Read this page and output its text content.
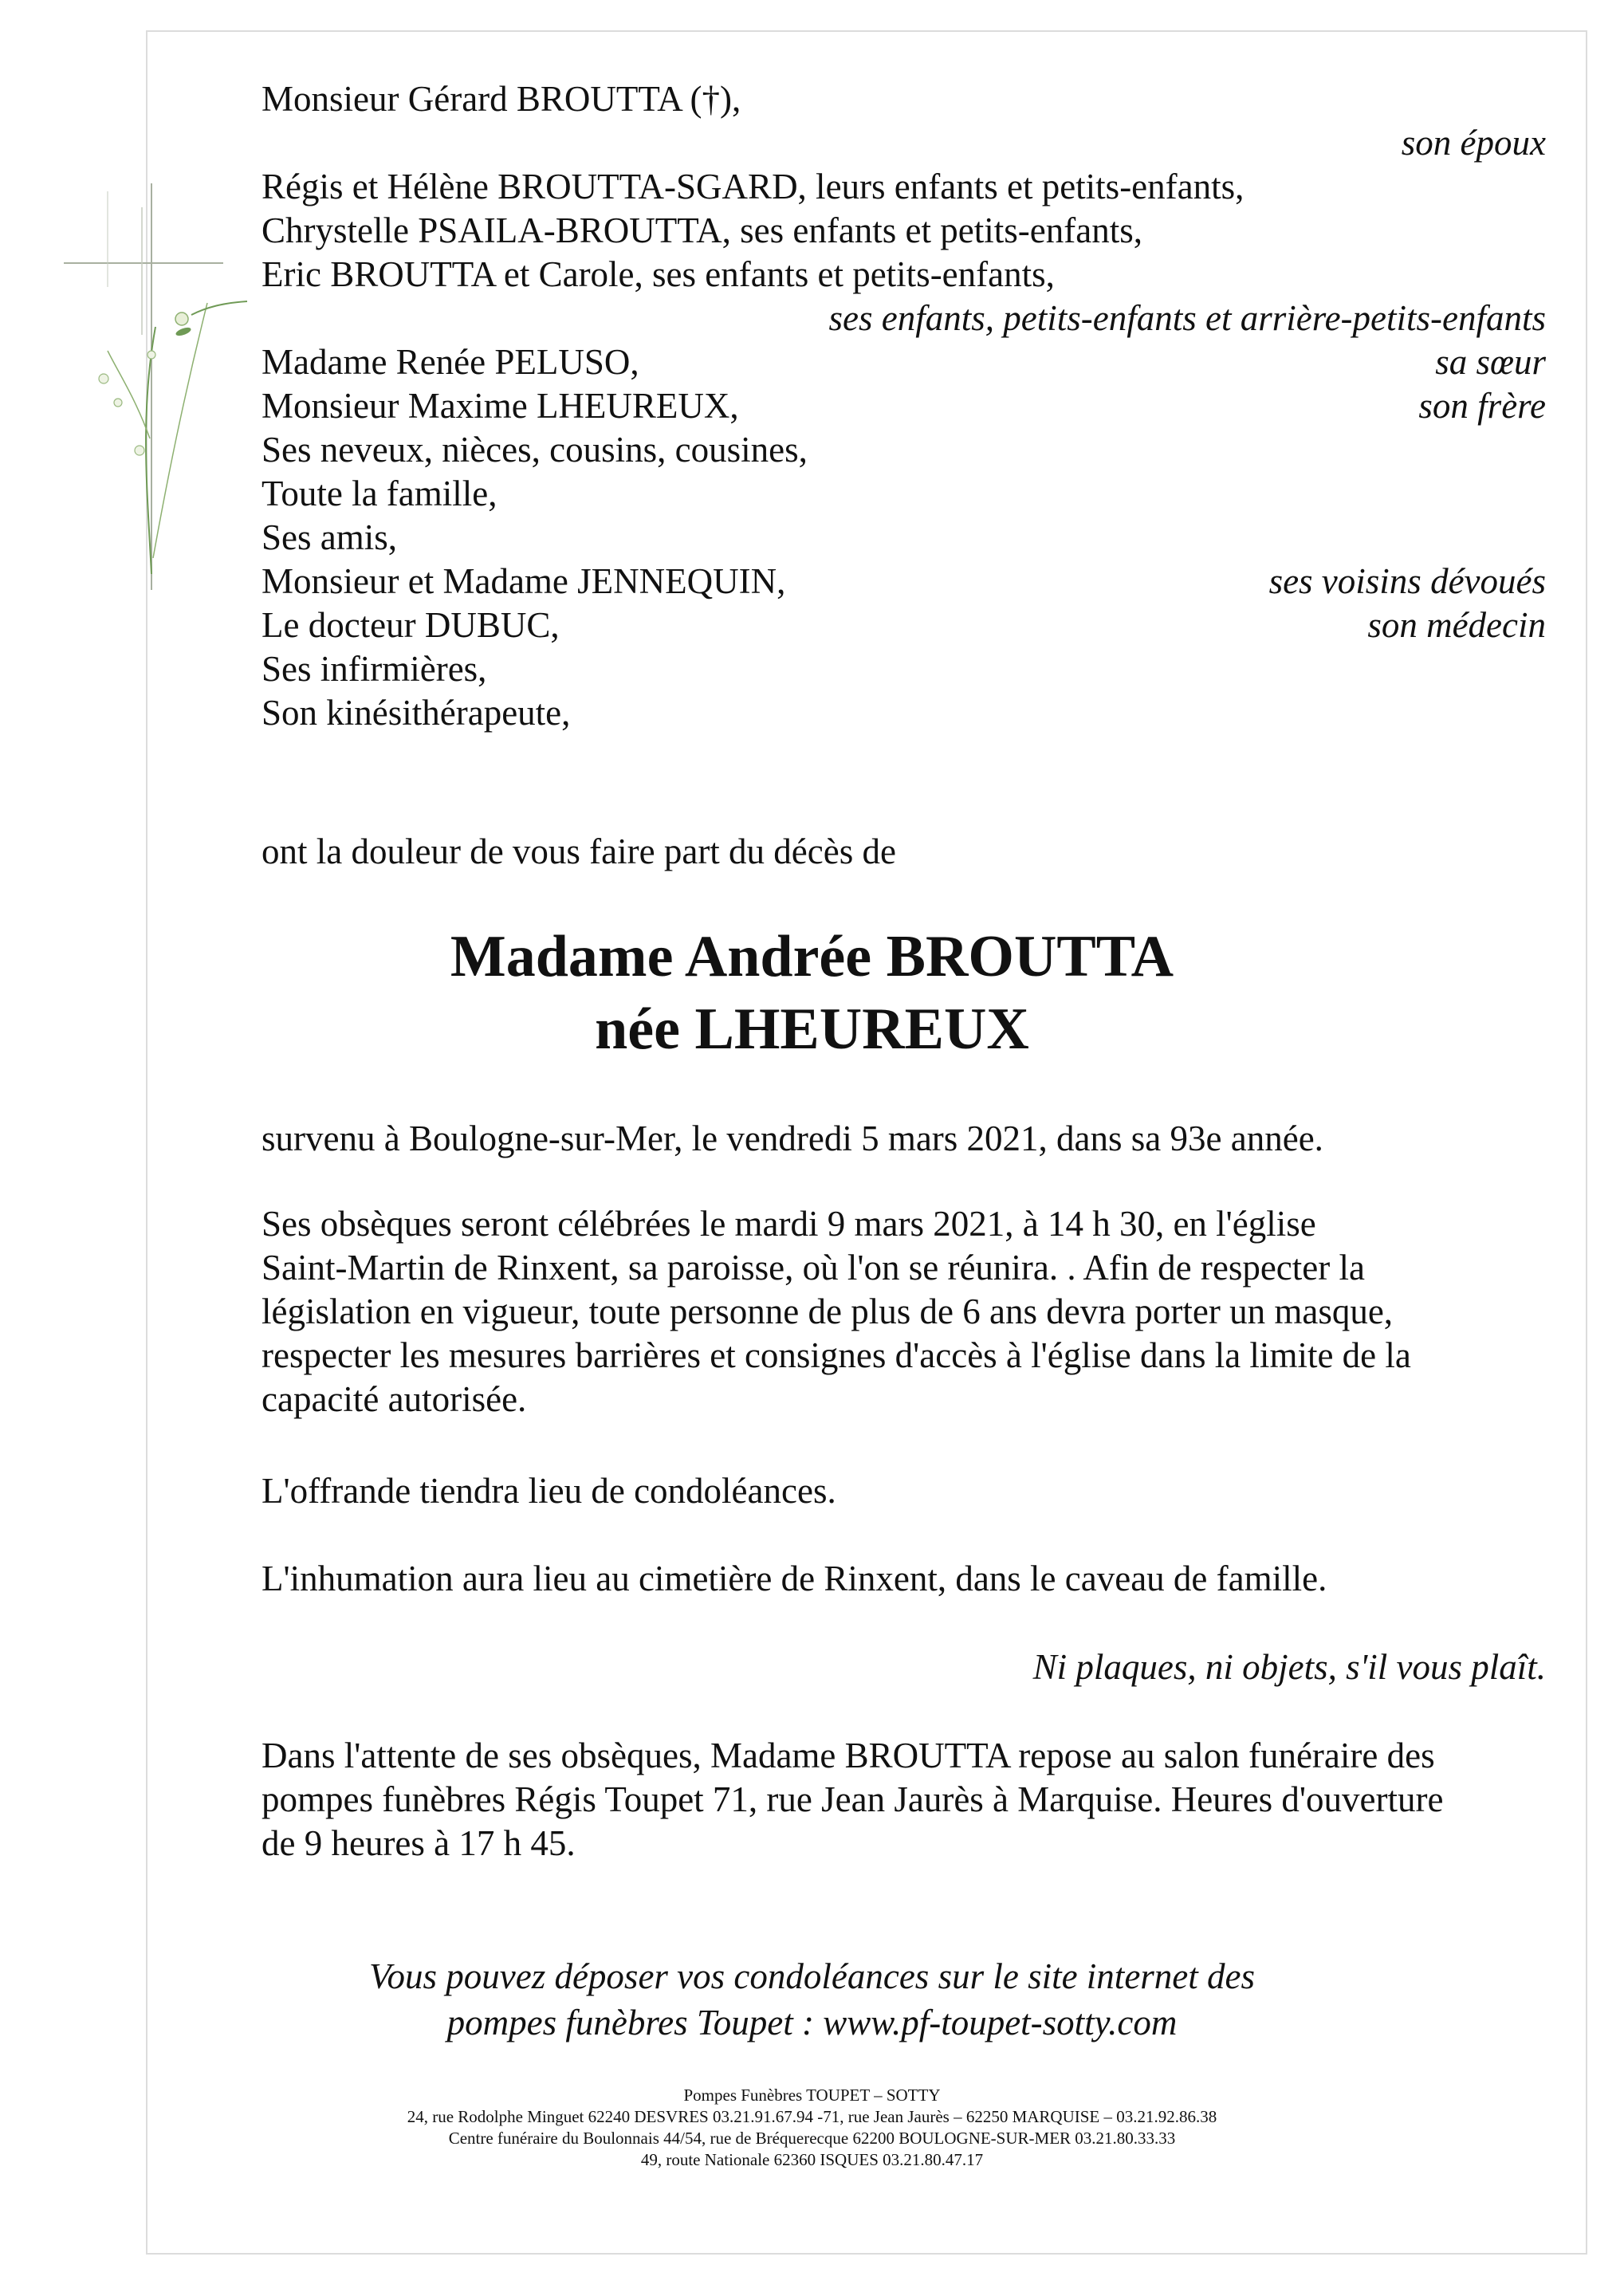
Monsieur Gérard BROUTTA (†),
son époux
Régis et Hélène BROUTTA-SGARD, leurs enfants et petits-enfants,
Chrystelle PSAILA-BROUTTA, ses enfants et petits-enfants,
Eric BROUTTA et Carole, ses enfants et petits-enfants,
ses enfants, petits-enfants et arrière-petits-enfants
Madame Renée PELUSO,	sa sœur
Monsieur Maxime LHEUREUX,	son frère
Ses neveux, nièces, cousins, cousines,
Toute la famille,
Ses amis,
Monsieur et Madame JENNEQUIN,	ses voisins dévoués
Le docteur DUBUC,	son médecin
Ses infirmières,
Son kinésithérapeute,
ont la douleur de vous faire part du décès de
Madame Andrée BROUTTA
née LHEUREUX
survenu à Boulogne-sur-Mer, le vendredi 5 mars 2021, dans sa 93e année.
Ses obsèques seront célébrées le mardi 9 mars 2021, à 14 h 30, en l'église
Saint-Martin de Rinxent, sa paroisse, où l'on se réunira. . Afin de respecter la
législation en vigueur, toute personne de plus de 6 ans devra porter un masque,
respecter les mesures barrières et consignes d'accès à l'église dans la limite de la
capacité autorisée.
L'offrande tiendra lieu de condoléances.
L'inhumation aura lieu au cimetière de Rinxent, dans le caveau de famille.
Ni plaques, ni objets, s'il vous plaît.
Dans l'attente de ses obsèques, Madame BROUTTA repose au salon funéraire des
pompes funèbres Régis Toupet 71, rue Jean Jaurès à Marquise. Heures d'ouverture
de 9 heures à 17 h 45.
Vous pouvez déposer vos condoléances sur le site internet des
pompes funèbres Toupet : www.pf-toupet-sotty.com
Pompes Funèbres TOUPET – SOTTY
24, rue Rodolphe Minguet 62240 DESVRES 03.21.91.67.94 -71, rue Jean Jaurès – 62250 MARQUISE – 03.21.92.86.38
Centre funéraire du Boulonnais 44/54, rue de Bréquerecque 62200 BOULOGNE-SUR-MER 03.21.80.33.33
49, route Nationale 62360 ISQUES 03.21.80.47.17
